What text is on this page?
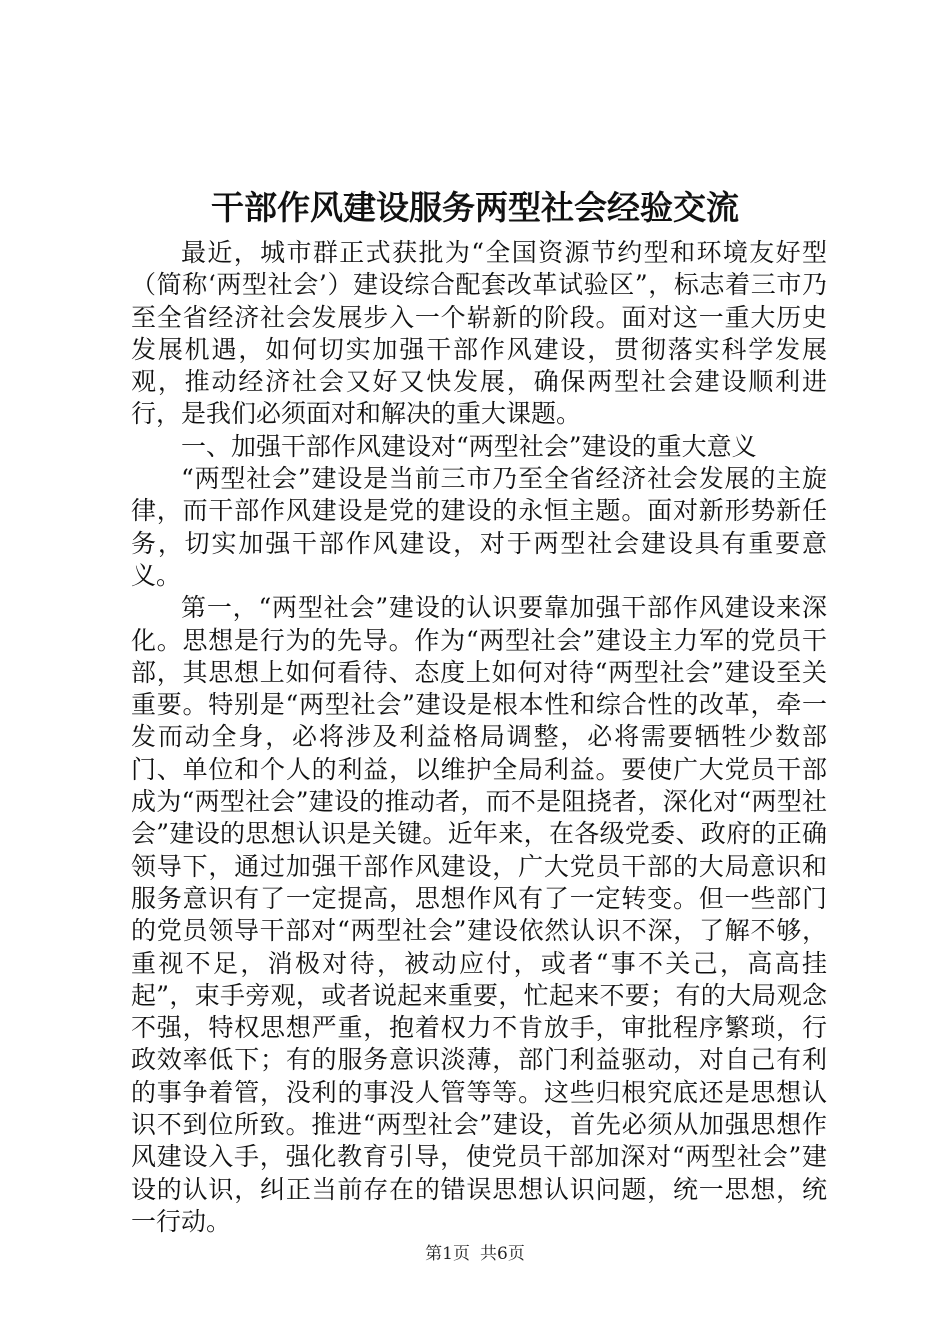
干部作风建设服务两型社会经验交流

最近，城市群正式获批为“全国资源节约型和环境友好型（简称‘两型社会’）建设综合配套改革试验区”，标志着三市乃至全省经济社会发展步入一个崭新的阶段。面对这一重大历史发展机遇，如何切实加强干部作风建设，贯彻落实科学发展观，推动经济社会又好又快发展，确保两型社会建设顺利进行，是我们必须面对和解决的重大课题。

一、加强干部作风建设对“两型社会”建设的重大意义

“两型社会”建设是当前三市乃至全省经济社会发展的主旋律，而干部作风建设是党的建设的永恒主题。面对新形势新任务，切实加强干部作风建设，对于两型社会建设具有重要意义。

第一，“两型社会”建设的认识要靠加强干部作风建设来深化。思想是行为的先导。作为“两型社会”建设主力军的党员干部，其思想上如何看待、态度上如何对待“两型社会”建设至关重要。特别是“两型社会”建设是根本性和综合性的改革，牵一发而动全身，必将涉及利益格局调整，必将需要牺牲少数部门、单位和个人的利益，以维护全局利益。要使广大党员干部成为“两型社会”建设的推动者，而不是阻挠者，深化对“两型社会”建设的思想认识是关键。近年来，在各级党委、政府的正确领导下，通过加强干部作风建设，广大党员干部的大局意识和服务意识有了一定提高，思想作风有了一定转变。但一些部门的党员领导干部对“两型社会”建设依然认识不深，了解不够，重视不足，消极对待，被动应付，或者“事不关己，高高挂起”，束手旁观，或者说起来重要，忙起来不要；有的大局观念不强，特权思想严重，抱着权力不肯放手，审批程序繁琐，行政效率低下；有的服务意识淡薄，部门利益驱动，对自己有利的事争着管，没利的事没人管等等。这些归根究底还是思想认识不到位所致。推进“两型社会”建设，首先必须从加强思想作风建设入手，强化教育引导，使党员干部加深对“两型社会”建设的认识，纠正当前存在的错误思想认识问题，统一思想，统一行动。

第1页 共6页
